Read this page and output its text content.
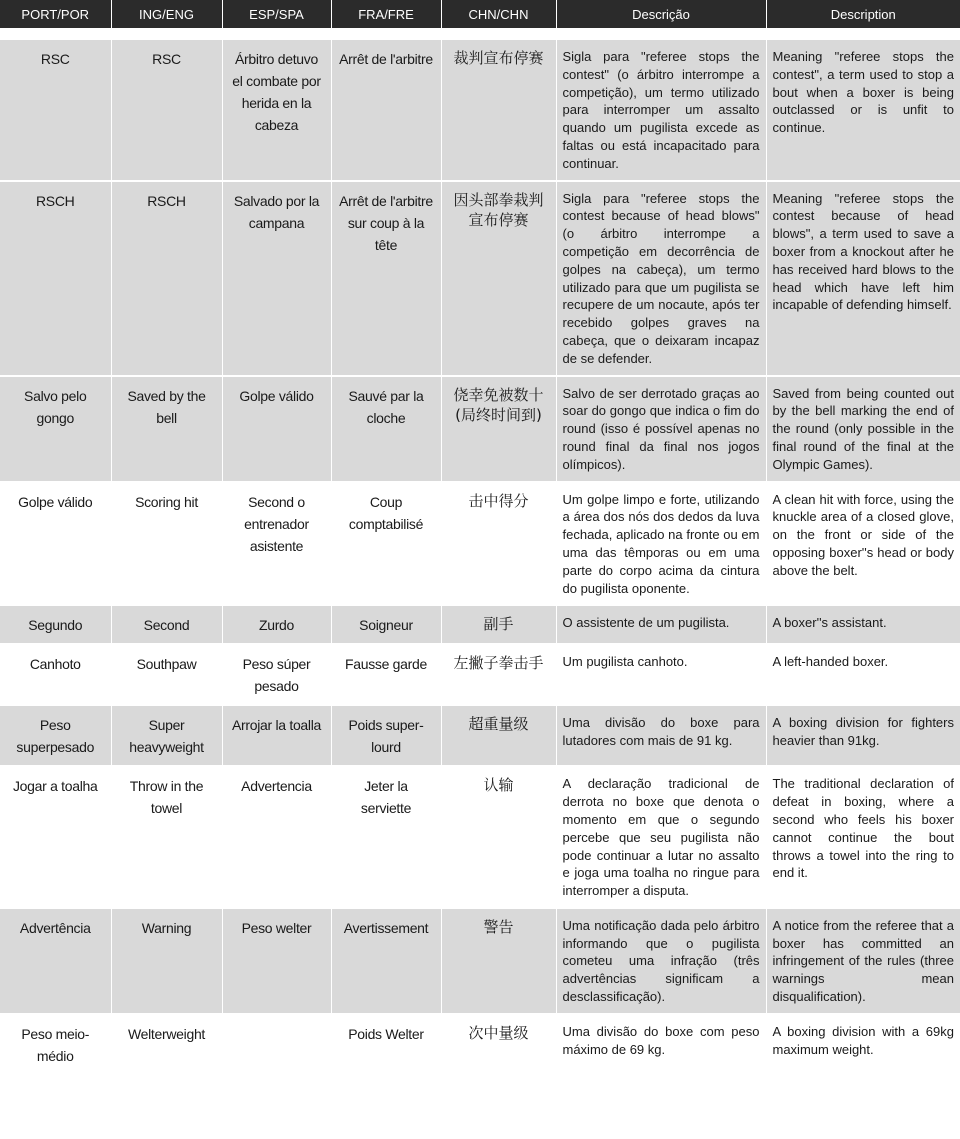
PORT/POR	ING/ENG	ESP/SPA	FRA/FRE	CHN/CHN	Descrição	Description
RSC	RSC	Árbitro detuvo el combate por herida en la cabeza	Arrêt de l'arbitre	裁判宣布停赛	Sigla para "referee stops the contest" (o árbitro interrompe a competição), um termo utilizado para interromper um assalto quando um pugilista excede as faltas ou está incapacitado para continuar.	Meaning "referee stops the contest", a term used to stop a bout when a boxer is being outclassed or is unfit to continue.
RSCH	RSCH	Salvado por la campana	Arrêt de l'arbitre sur coup à la tête	因头部拳栽判宣布停赛	Sigla para "referee stops the contest because of head blows" (o árbitro interrompe a competição em decorrência de golpes na cabeça), um termo utilizado para que um pugilista se recupere de um nocaute, após ter recebido golpes graves na cabeça, que o deixaram incapaz de se defender.	Meaning "referee stops the contest because of head blows", a term used to save a boxer from a knockout after he has received hard blows to the head which have left him incapable of defending himself.
Salvo pelo gongo	Saved by the bell	Golpe válido	Sauvé par la cloche	侥幸免被数十(局终时间到)	Salvo de ser derrotado graças ao soar do gongo que indica o fim do round (isso é possível apenas no round final da final nos jogos olímpicos).	Saved from being counted out by the bell marking the end of the round (only possible in the final round of the final at the Olympic Games).
Golpe válido	Scoring hit	Second o entrenador asistente	Coup comptabilisé	击中得分	Um golpe limpo e forte, utilizando a área dos nós dos dedos da luva fechada, aplicado na fronte ou em uma das têmporas ou em uma parte do corpo acima da cintura do pugilista oponente.	A clean hit with force, using the knuckle area of a closed glove, on the front or side of the opposing boxer''s head or body above the belt.
Segundo	Second	Zurdo	Soigneur	副手	O assistente de um pugilista.	A boxer''s assistant.
Canhoto	Southpaw	Peso súper pesado	Fausse garde	左撇子拳击手	Um pugilista canhoto.	A left-handed boxer.
Peso superpesado	Super heavyweight	Arrojar la toalla	Poids super-lourd	超重量级	Uma divisão do boxe para lutadores com mais de 91 kg.	A boxing division for fighters heavier than 91kg.
Jogar a toalha	Throw in the towel	Advertencia	Jeter la serviette	认输	A declaração tradicional de derrota no boxe que denota o momento em que o segundo percebe que seu pugilista não pode continuar a lutar no assalto e joga uma toalha no ringue para interromper a disputa.	The traditional declaration of defeat in boxing, where a second who feels his boxer cannot continue the bout throws a towel into the ring to end it.
Advertência	Warning	Peso welter	Avertissement	警告	Uma notificação dada pelo árbitro informando que o pugilista cometeu uma infração (três advertências significam a desclassificação).	A notice from the referee that a boxer has committed an infringement of the rules (three warnings mean disqualification).
Peso meio-médio	Welterweight		Poids Welter	次中量级	Uma divisão do boxe com peso máximo de 69 kg.	A boxing division with a 69kg maximum weight.
